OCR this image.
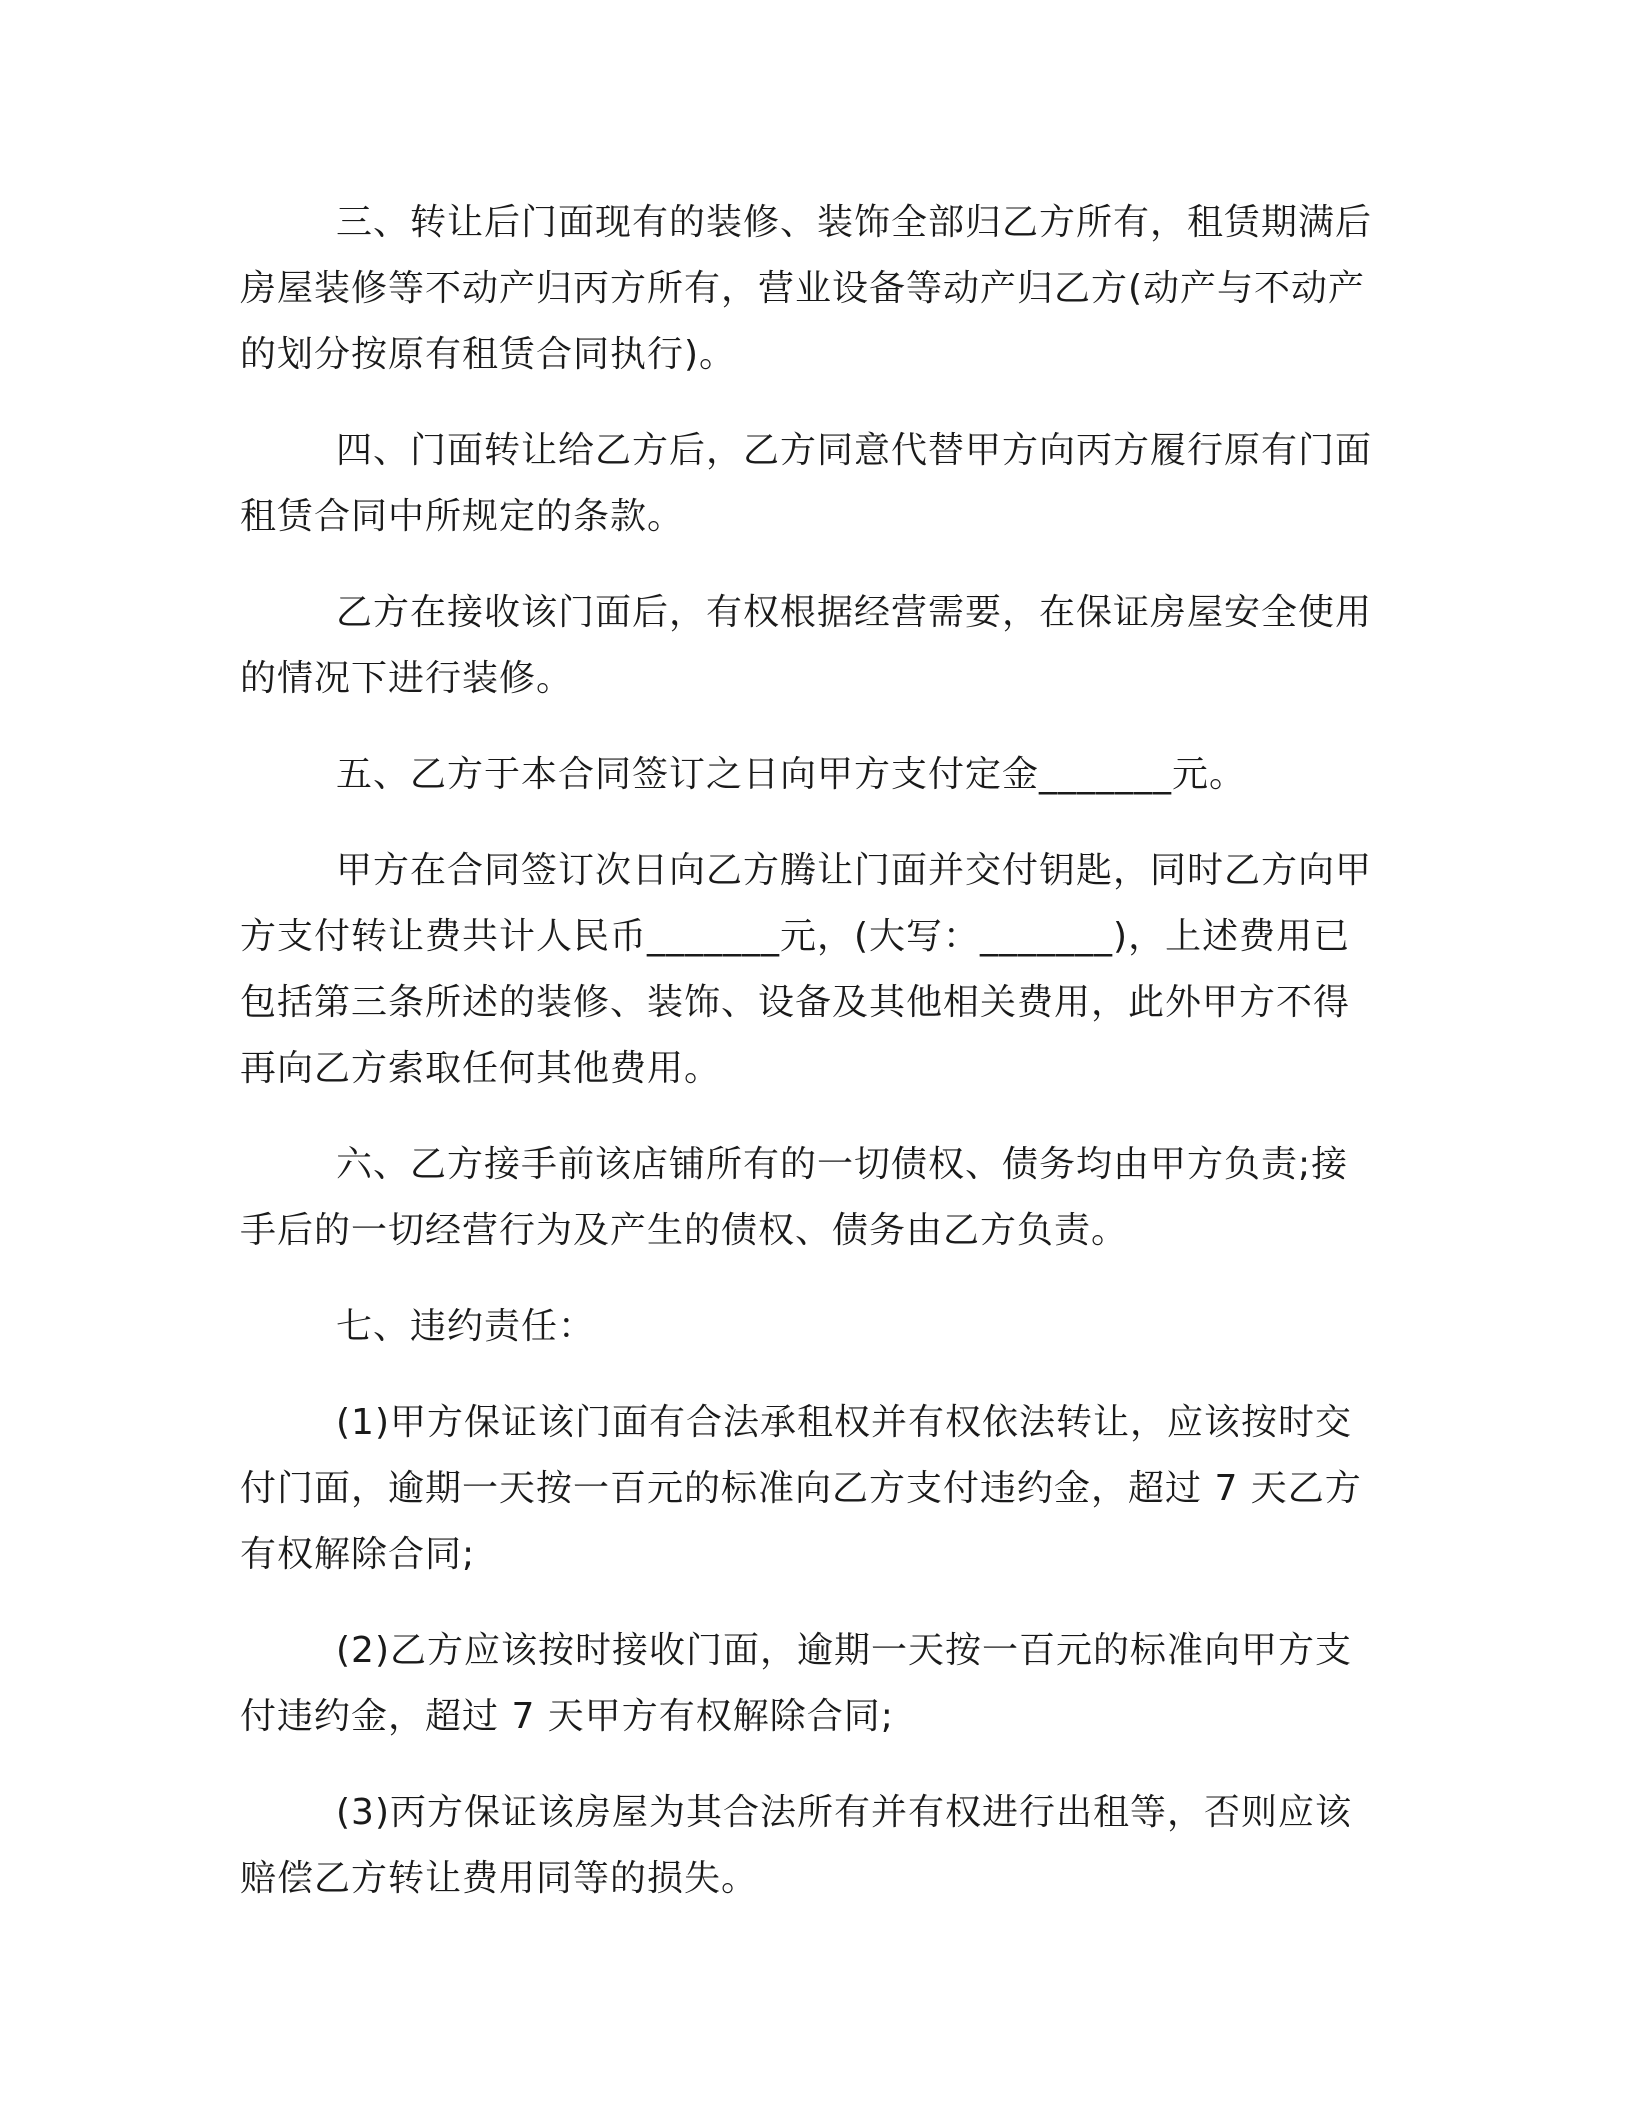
三、转让后门面现有的装修、装饰全部归乙方所有，租赁期满后
房屋装修等不动产归丙方所有，营业设备等动产归乙方(动产与不动产
的划分按原有租赁合同执行)。

四、门面转让给乙方后，乙方同意代替甲方向丙方履行原有门面
租赁合同中所规定的条款。

乙方在接收该门面后，有权根据经营需要，在保证房屋安全使用
的情况下进行装修。

五、乙方于本合同签订之日向甲方支付定金_______元。

甲方在合同签订次日向乙方腾让门面并交付钥匙，同时乙方向甲
方支付转让费共计人民币_______元，(大写：_______)，上述费用已
包括第三条所述的装修、装饰、设备及其他相关费用，此外甲方不得
再向乙方索取任何其他费用。

六、乙方接手前该店铺所有的一切债权、债务均由甲方负责;接
手后的一切经营行为及产生的债权、债务由乙方负责。

七、违约责任：

(1)甲方保证该门面有合法承租权并有权依法转让，应该按时交
付门面，逾期一天按一百元的标准向乙方支付违约金，超过 7 天乙方
有权解除合同;

(2)乙方应该按时接收门面，逾期一天按一百元的标准向甲方支
付违约金，超过 7 天甲方有权解除合同;

(3)丙方保证该房屋为其合法所有并有权进行出租等，否则应该
赔偿乙方转让费用同等的损失。
